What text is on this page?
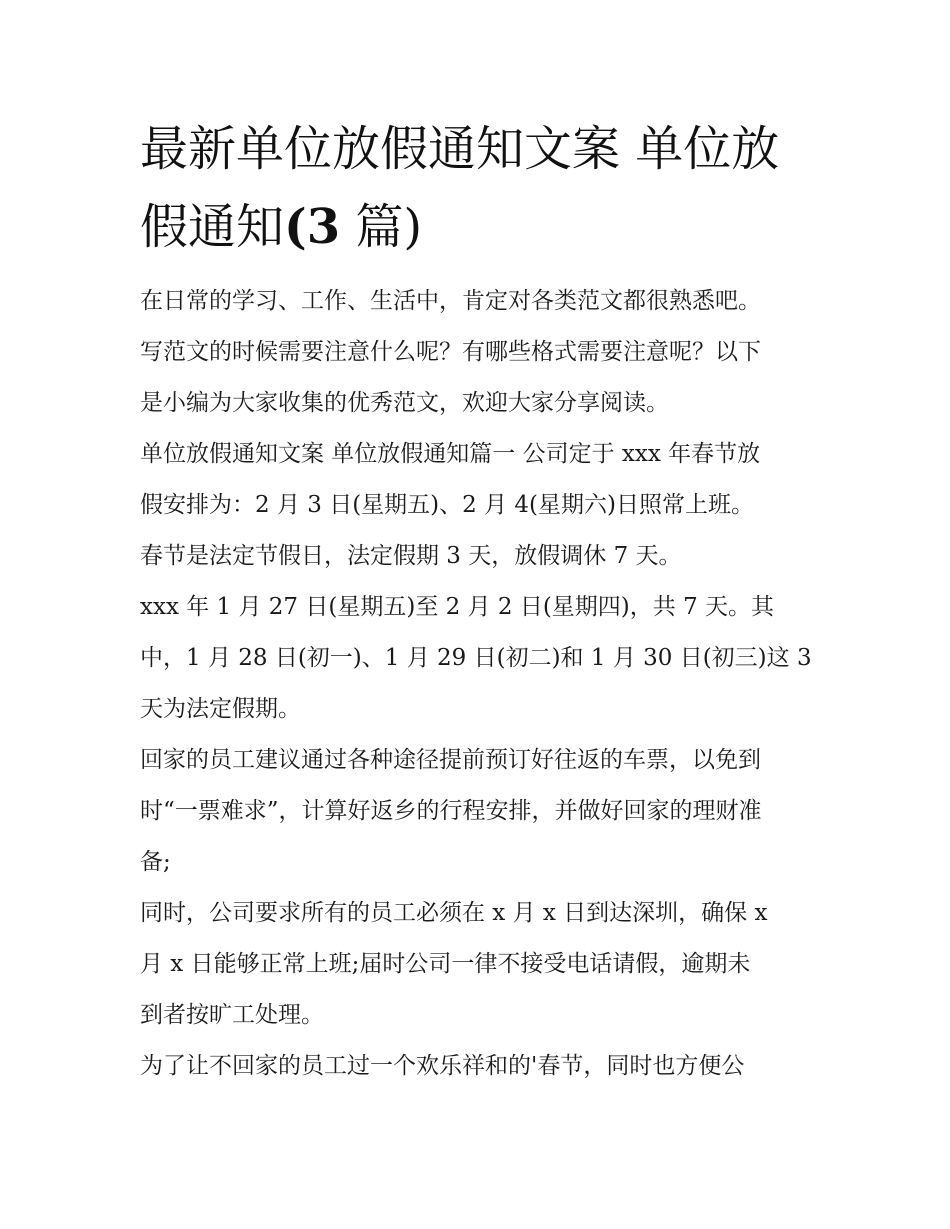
最新单位放假通知文案 单位放
假通知(3 篇)
在日常的学习、工作、生活中，肯定对各类范文都很熟悉吧。
写范文的时候需要注意什么呢？有哪些格式需要注意呢？以下
是小编为大家收集的优秀范文，欢迎大家分享阅读。
单位放假通知文案 单位放假通知篇一 公司定于 xxx 年春节放
假安排为：2 月 3 日(星期五)、2 月 4(星期六)日照常上班。
春节是法定节假日，法定假期 3 天，放假调休 7 天。
xxx 年 1 月 27 日(星期五)至 2 月 2 日(星期四)，共 7 天。其
中，1 月 28 日(初一)、1 月 29 日(初二)和 1 月 30 日(初三)这 3
天为法定假期。
回家的员工建议通过各种途径提前预订好往返的车票，以免到
时“一票难求”，计算好返乡的行程安排，并做好回家的理财准
备;
同时，公司要求所有的员工必须在 x 月 x 日到达深圳，确保 x
月 x 日能够正常上班;届时公司一律不接受电话请假，逾期未
到者按旷工处理。
为了让不回家的员工过一个欢乐祥和的'春节，同时也方便公
